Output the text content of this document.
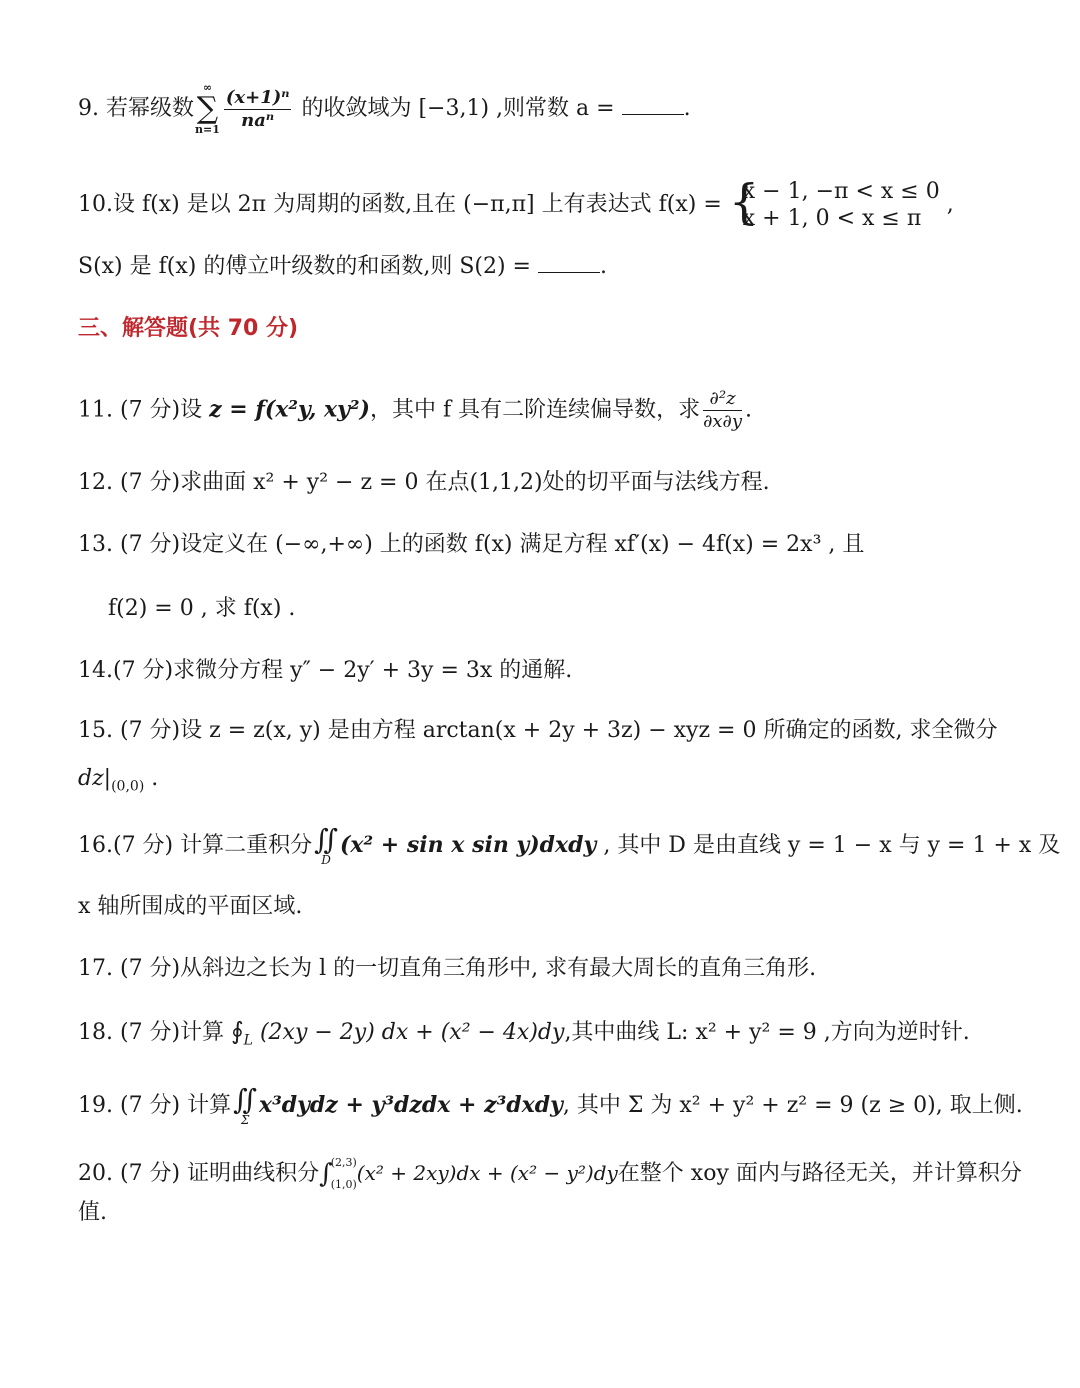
9. 若幂级数
∞
∑
$n=1 \frac{\text{(x+1)ⁿ}}{\text{naⁿ}}$ 的收敛域为 [−3,1) ,则常数 a =	.
10.设 f(x) 是以 2π 为周期的函数,且在 (−π,π] 上有表达式 f(x) = {
x − 1, −π < x ≤ 0
x + 1, 0 < x ≤ π
,
S(x) 是 f(x) 的傅立叶级数的和函数,则 S(2) =	.
三、解答题(共 70 分)
11. (7 分)设 z = f(x²y, xy²)，其中 f 具有二阶连续偏导数，求 $\frac{\text{∂²z}}{\partial x\partial y}$ .
12. (7 分)求曲面 x² + y² − z = 0 在点(1,1,2)处的切平面与法线方程.
13. (7 分)设定义在 (−∞,+∞) 上的函数 f(x) 满足方程 xf′(x) − 4f(x) = 2x³ , 且
f(2) = 0 , 求 f(x) .
14.(7 分)求微分方程 y″ − 2y′ + 3y = 3x 的通解.
15. (7 分)设 z = z(x, y) 是由方程 arctan(x + 2y + 3z) − xyz = 0 所确定的函数, 求全微分
$dz|_{(0,0)}$ .
16.(7 分) 计算二重积分 ∬
D
(x² + sin x sin y)dxdy , 其中 D 是由直线 y = 1 − x 与 y = 1 + x 及
x 轴所围成的平面区域.
17. (7 分)从斜边之长为 l 的一切直角三角形中, 求有最大周长的直角三角形.
18. (7 分)计算 $∮_L$ (2xy − 2y) dx + (x² − 4x)dy,其中曲线 L: x² + y² = 9 ,方向为逆时针.
19. (7 分) 计算 ∬
Σ
x³dydz + y³dzdx + z³dxdy, 其中 Σ 为 x² + y² + z² = 9 (z ≥ 0), 取上侧.
20. (7 分) 证明曲线积分∫
(2,3)
(1,0) (x² + 2xy)dx + (x² − y²)dy在整个 xoy 面内与路径无关，并计算积分
值.
